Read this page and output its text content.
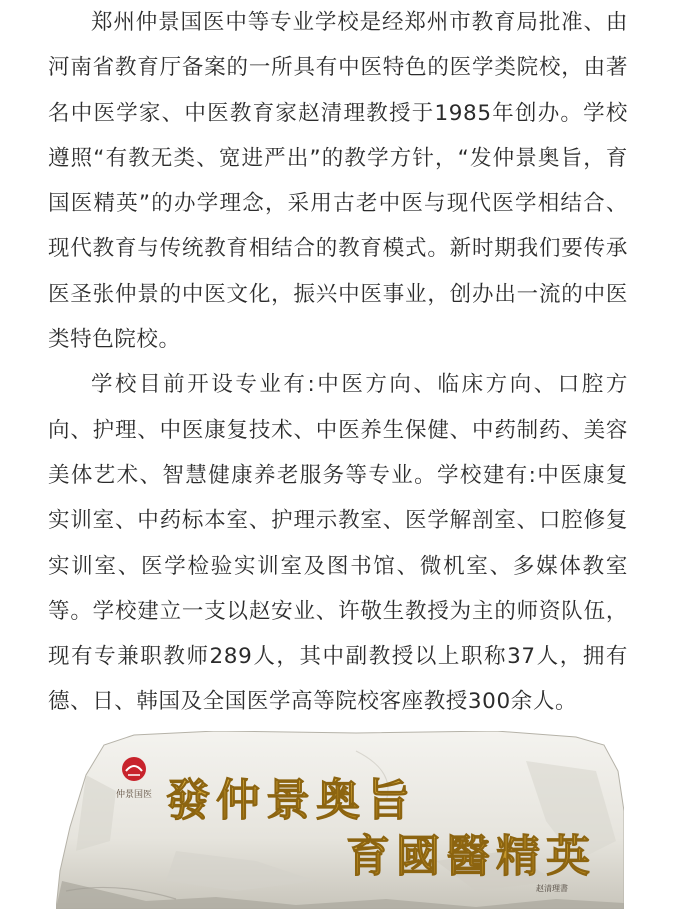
郑州仲景国医中等专业学校是经郑州市教育局批准、由河南省教育厅备案的一所具有中医特色的医学类院校，由著名中医学家、中医教育家赵清理教授于1985年创办。学校遵照“有教无类、宽进严出”的教学方针，“发仲景奥旨，育国医精英”的办学理念，采用古老中医与现代医学相结合、现代教育与传统教育相结合的教育模式。新时期我们要传承医圣张仲景的中医文化，振兴中医事业，创办出一流的中医类特色院校。

学校目前开设专业有:中医方向、临床方向、口腔方向、护理、中医康复技术、中医养生保健、中药制药、美容美体艺术、智慧健康养老服务等专业。学校建有:中医康复实训室、中药标本室、护理示教室、医学解剖室、口腔修复实训室、医学检验实训室及图书馆、微机室、多媒体教室等。学校建立一支以赵安业、许敬生教授为主的师资队伍，现有专兼职教师289人，其中副教授以上职称37人，拥有德、日、韩国及全国医学高等院校客座教授300余人。

仲景国医 發仲景奥旨
育國醫精英
赵清理書
